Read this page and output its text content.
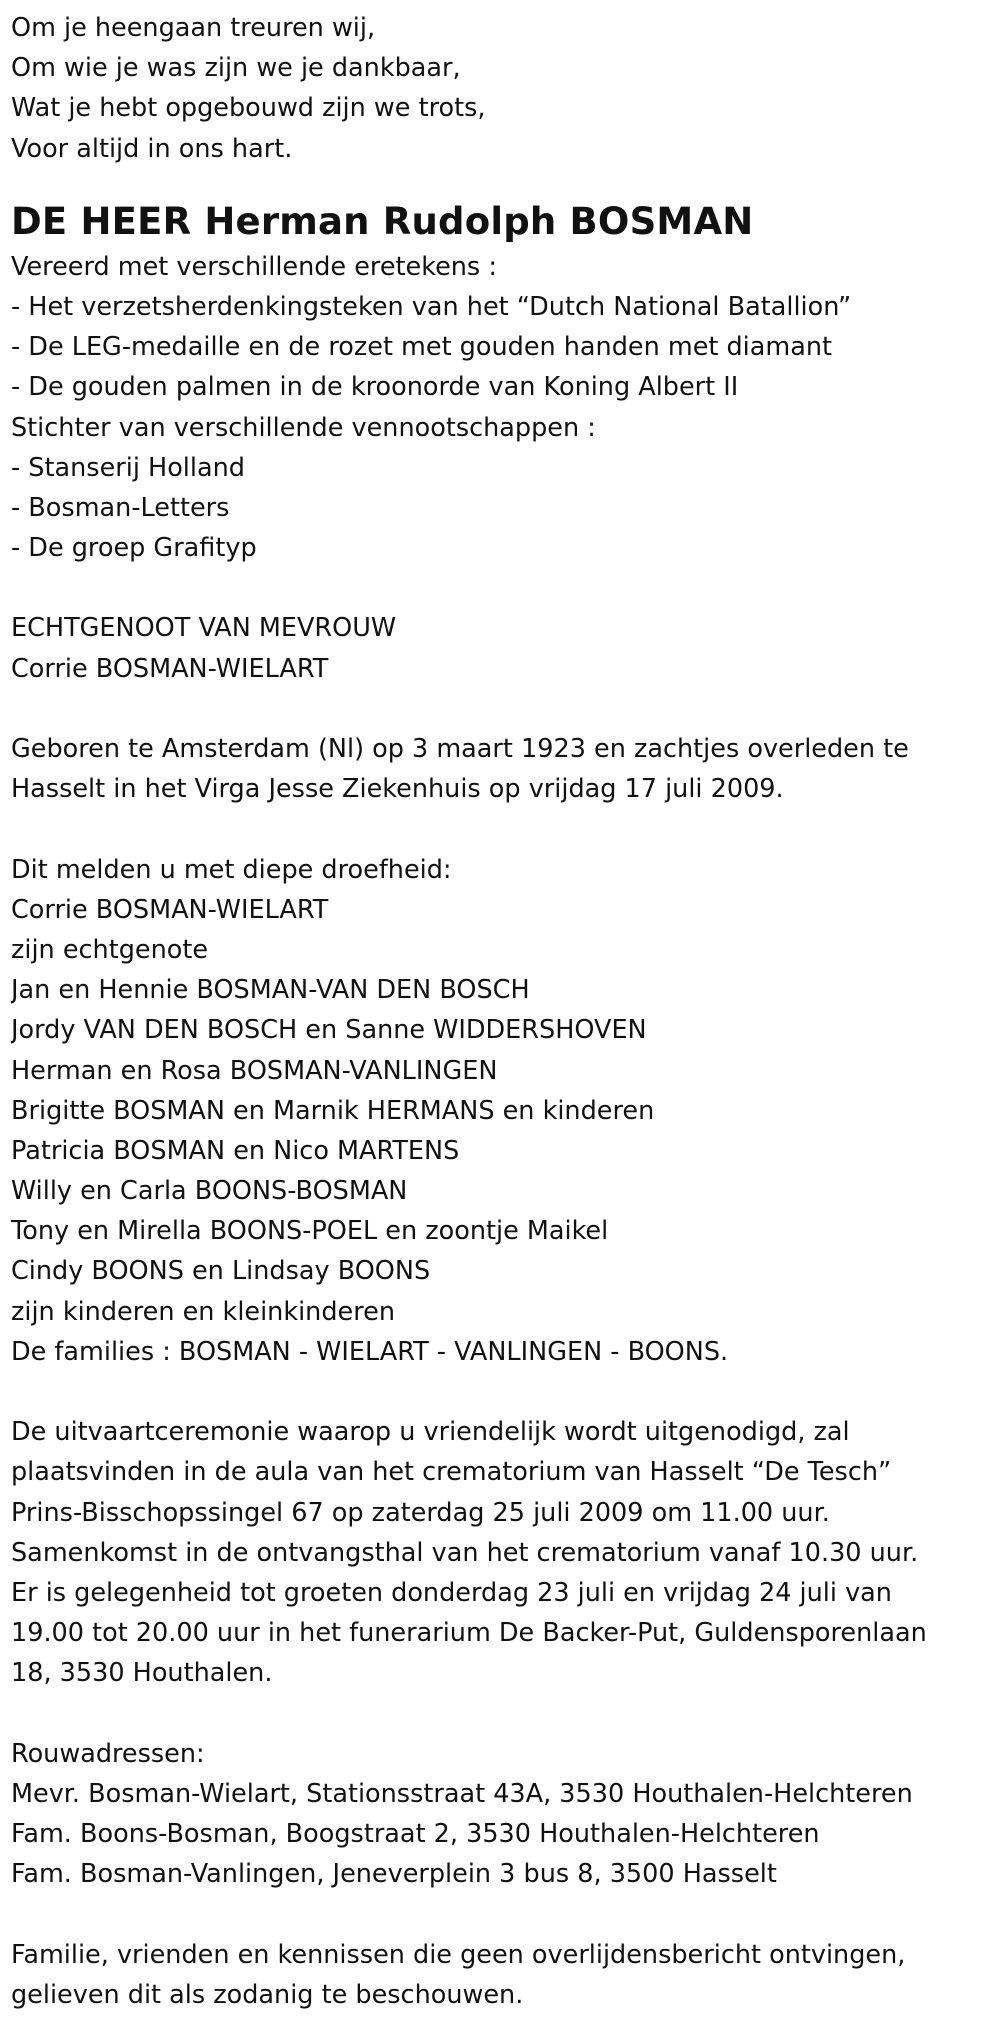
Om je heengaan treuren wij,
Om wie je was zijn we je dankbaar,
Wat je hebt opgebouwd zijn we trots,
Voor altijd in ons hart.
DE HEER Herman Rudolph BOSMAN
Vereerd met verschillende eretekens :
- Het verzetsherdenkingsteken van het “Dutch National Batallion”
- De LEG-medaille en de rozet met gouden handen met diamant
- De gouden palmen in de kroonorde van Koning Albert II
Stichter van verschillende vennootschappen :
- Stanserij Holland
- Bosman-Letters
- De groep Grafityp
ECHTGENOOT VAN MEVROUW
Corrie BOSMAN-WIELART
Geboren te Amsterdam (Nl) op 3 maart 1923 en zachtjes overleden te
Hasselt in het Virga Jesse Ziekenhuis op vrijdag 17 juli 2009.
Dit melden u met diepe droefheid:
Corrie BOSMAN-WIELART
zijn echtgenote
Jan en Hennie BOSMAN-VAN DEN BOSCH
Jordy VAN DEN BOSCH en Sanne WIDDERSHOVEN
Herman en Rosa BOSMAN-VANLINGEN
Brigitte BOSMAN en Marnik HERMANS en kinderen
Patricia BOSMAN en Nico MARTENS
Willy en Carla BOONS-BOSMAN
Tony en Mirella BOONS-POEL en zoontje Maikel
Cindy BOONS en Lindsay BOONS
zijn kinderen en kleinkinderen
De families : BOSMAN - WIELART - VANLINGEN - BOONS.
De uitvaartceremonie waarop u vriendelijk wordt uitgenodigd, zal
plaatsvinden in de aula van het crematorium van Hasselt “De Tesch”
Prins-Bisschopssingel 67 op zaterdag 25 juli 2009 om 11.00 uur.
Samenkomst in de ontvangsthal van het crematorium vanaf 10.30 uur.
Er is gelegenheid tot groeten donderdag 23 juli en vrijdag 24 juli van
19.00 tot 20.00 uur in het funerarium De Backer-Put, Guldensporenlaan
18, 3530 Houthalen.
Rouwadressen:
Mevr. Bosman-Wielart, Stationsstraat 43A, 3530 Houthalen-Helchteren
Fam. Boons-Bosman, Boogstraat 2, 3530 Houthalen-Helchteren
Fam. Bosman-Vanlingen, Jeneverplein 3 bus 8, 3500 Hasselt
Familie, vrienden en kennissen die geen overlijdensbericht ontvingen,
gelieven dit als zodanig te beschouwen.
